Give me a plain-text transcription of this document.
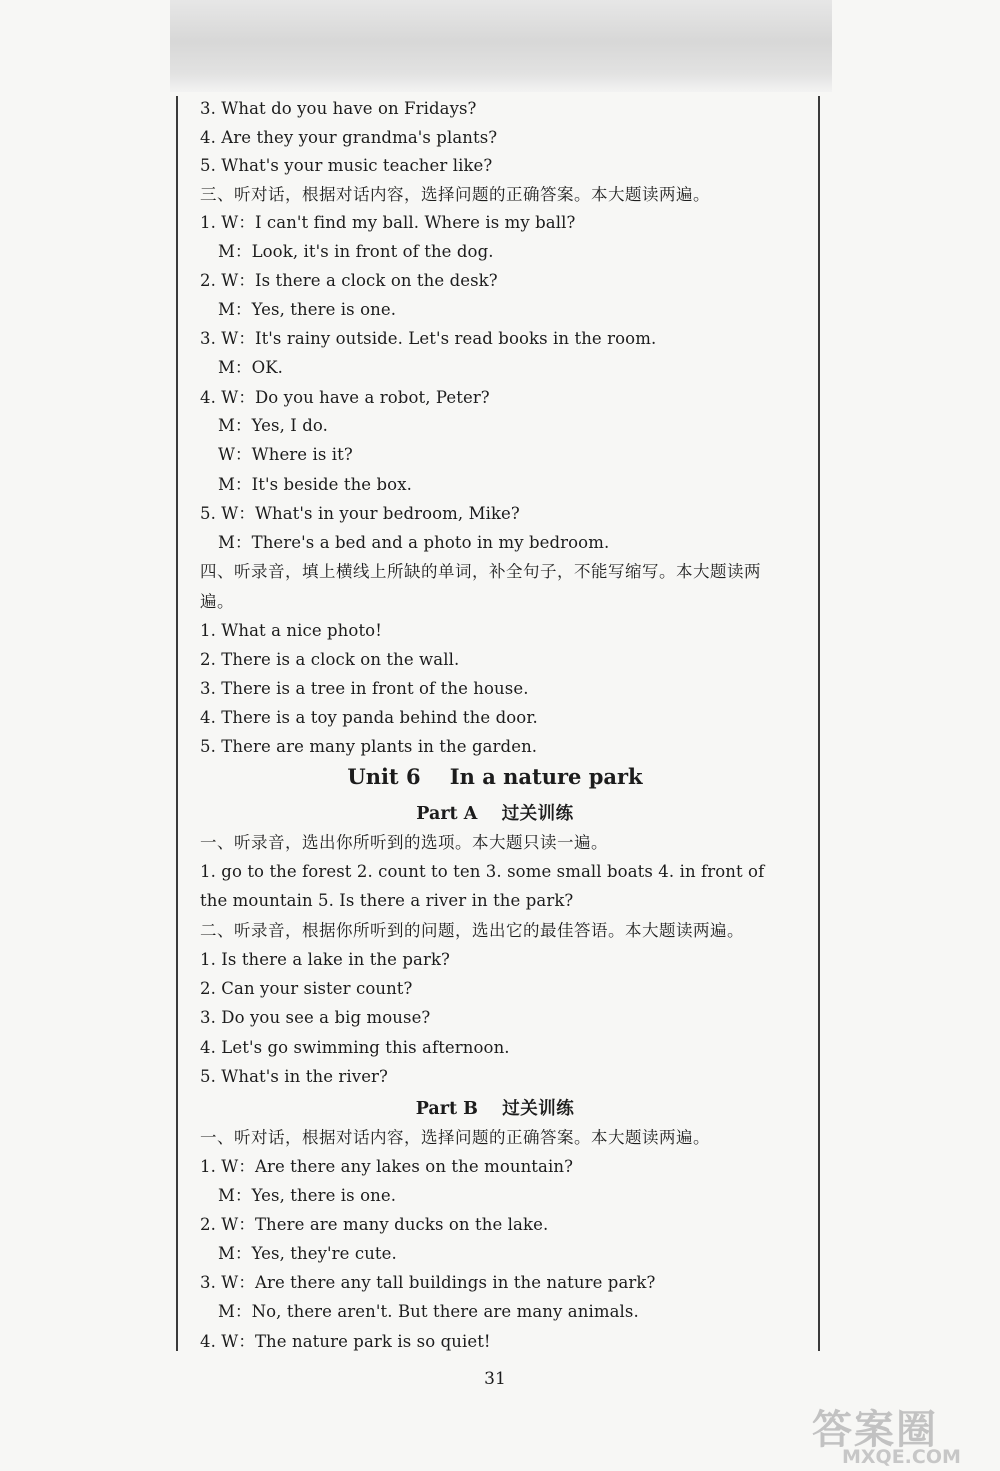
3. What do you have on Fridays?
4. Are they your grandma's plants?
5. What's your music teacher like?
三、听对话，根据对话内容，选择问题的正确答案。本大题读两遍。
1. W：I can't find my ball. Where is my ball?
M：Look, it's in front of the dog.
2. W：Is there a clock on the desk?
M：Yes, there is one.
3. W：It's rainy outside. Let's read books in the room.
M：OK.
4. W：Do you have a robot, Peter?
M：Yes, I do.
W：Where is it?
M：It's beside the box.
5. W：What's in your bedroom, Mike?
M：There's a bed and a photo in my bedroom.
四、听录音，填上横线上所缺的单词，补全句子，不能写缩写。本大题读两
遍。
1. What a nice photo!
2. There is a clock on the wall.
3. There is a tree in front of the house.
4. There is a toy panda behind the door.
5. There are many plants in the garden.
Unit 6    In a nature park
Part A 过关训练
一、听录音，选出你所听到的选项。本大题只读一遍。
1. go to the forest 2. count to ten 3. some small boats 4. in front of
the mountain 5. Is there a river in the park?
二、听录音，根据你所听到的问题，选出它的最佳答语。本大题读两遍。
1. Is there a lake in the park?
2. Can your sister count?
3. Do you see a big mouse?
4. Let's go swimming this afternoon.
5. What's in the river?
Part B 过关训练
一、听对话，根据对话内容，选择问题的正确答案。本大题读两遍。
1. W：Are there any lakes on the mountain?
M：Yes, there is one.
2. W：There are many ducks on the lake.
M：Yes, they're cute.
3. W：Are there any tall buildings in the nature park?
M：No, there aren't. But there are many animals.
4. W：The nature park is so quiet!
31
答案圈
MXQE.COM
